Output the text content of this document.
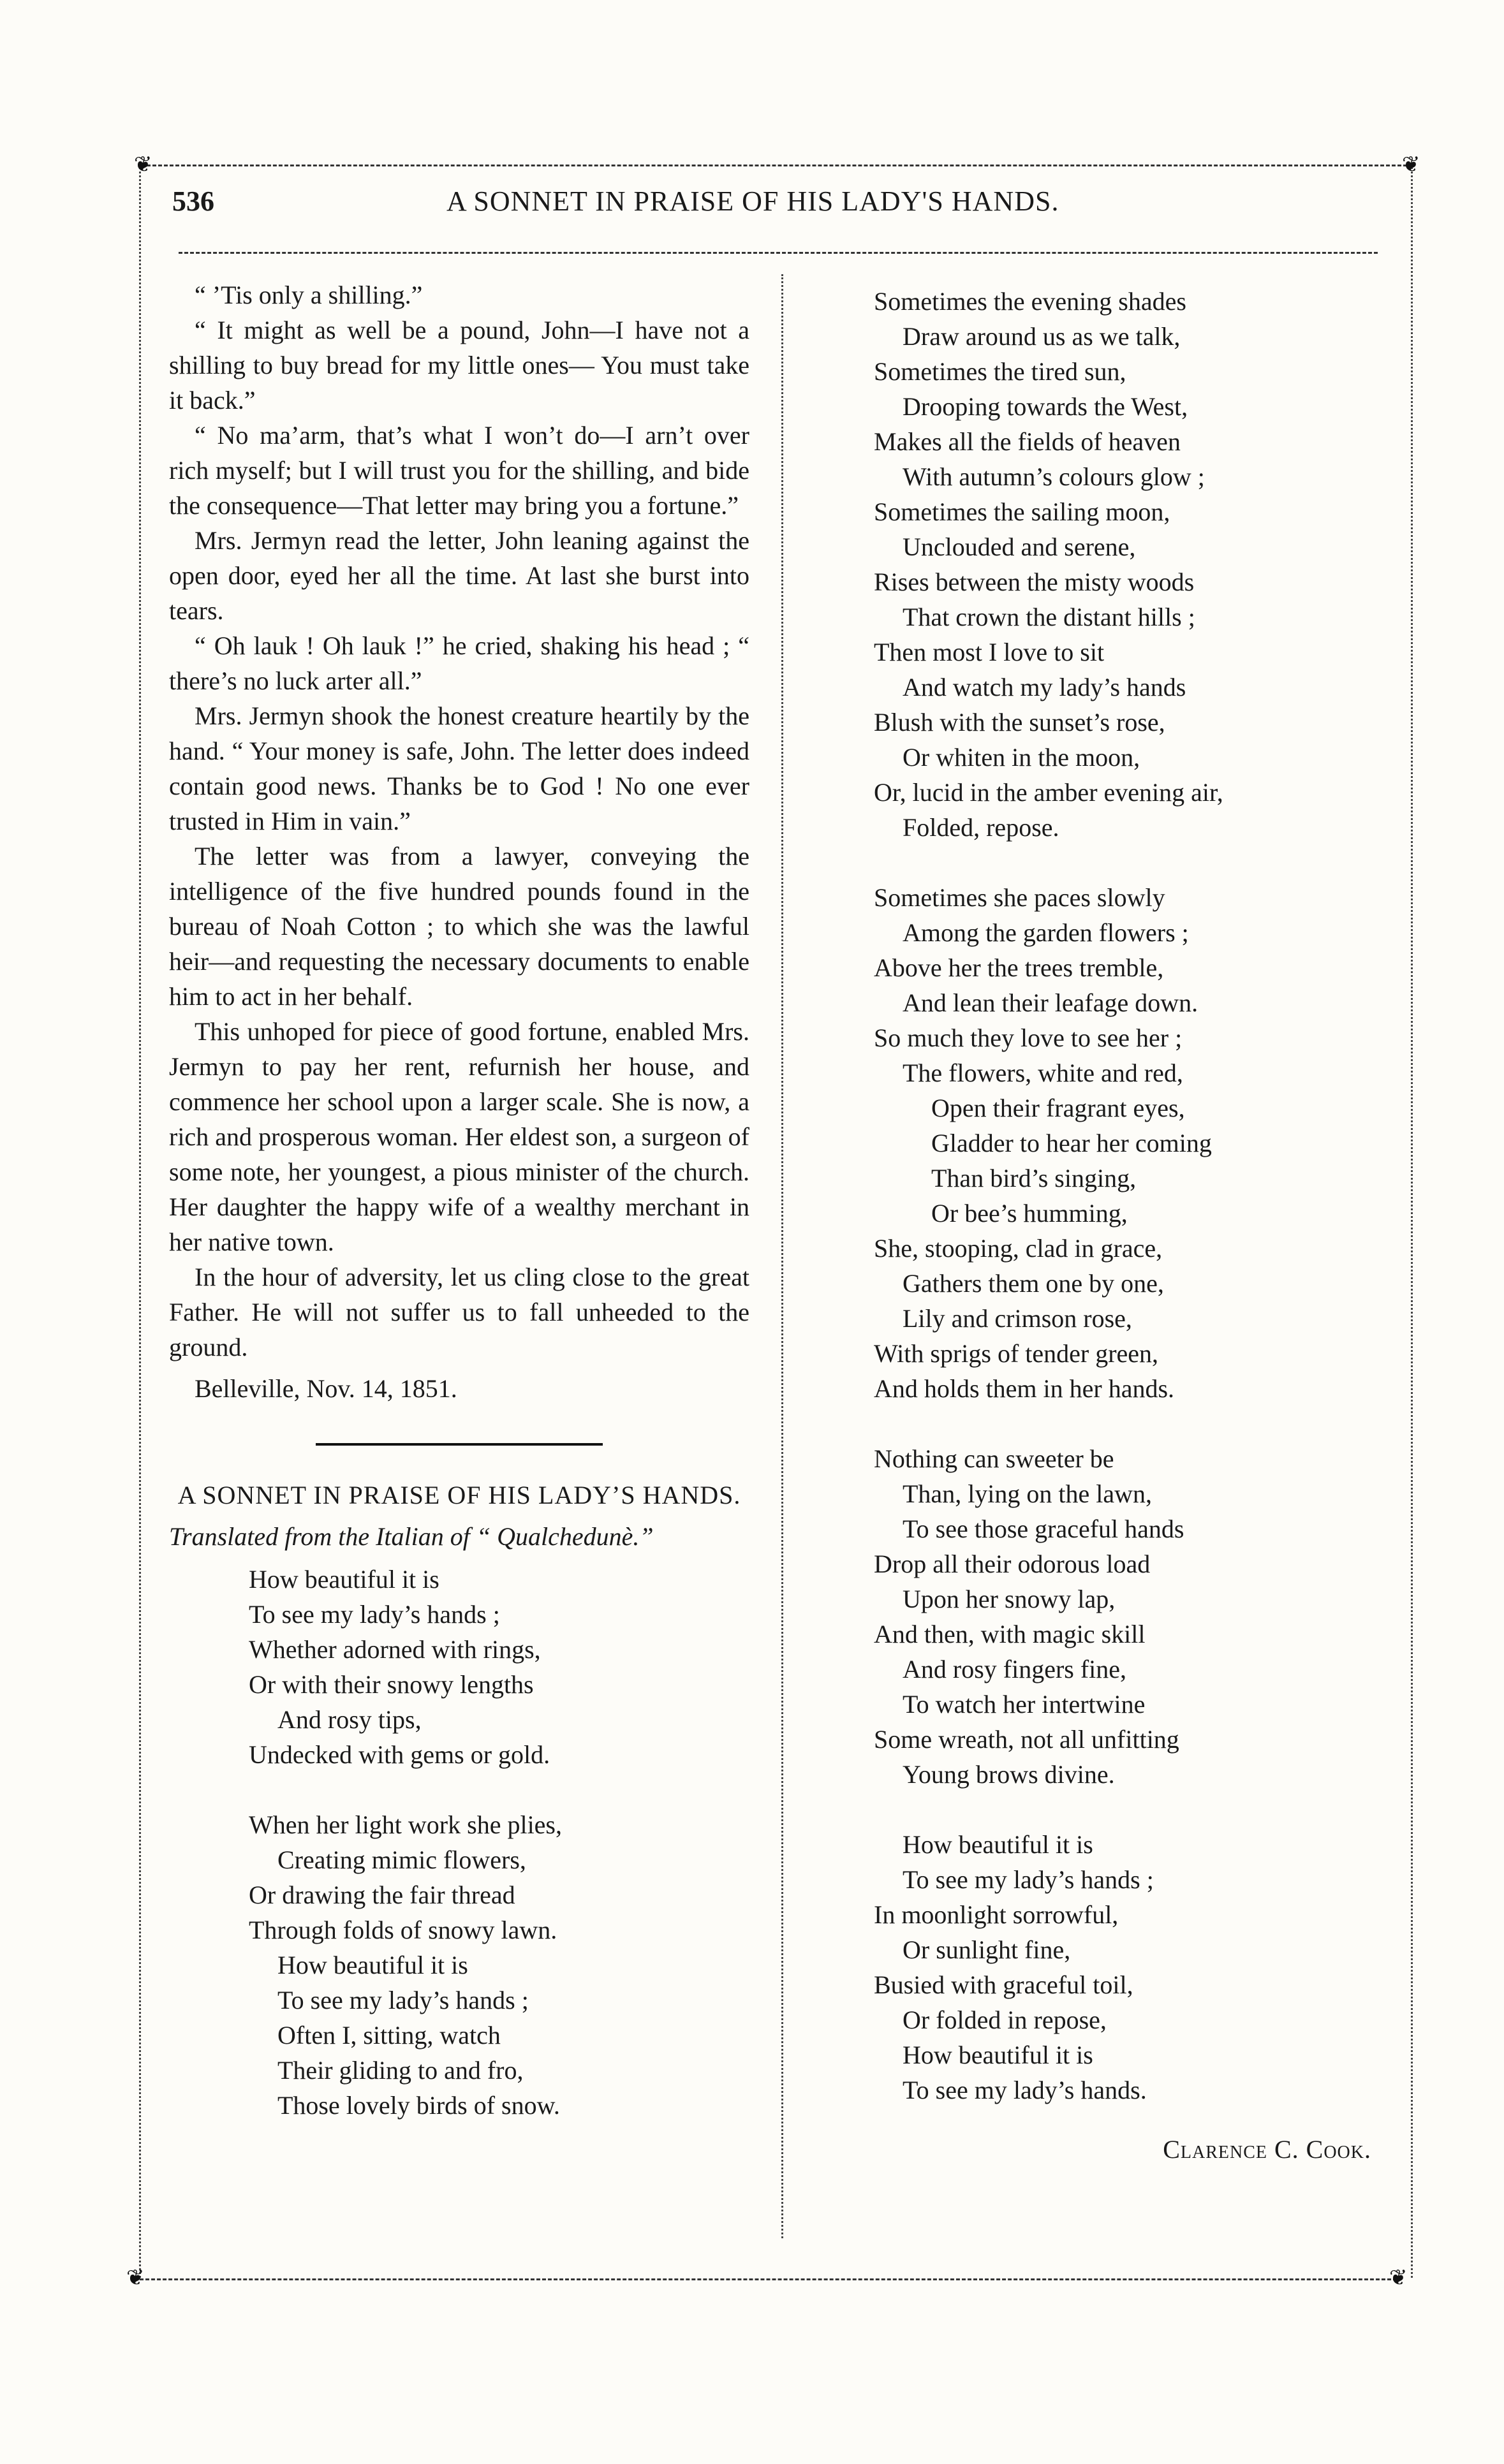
❦	❦
❦	❦
536	A SONNET IN PRAISE OF HIS LADY'S HANDS.

“ ’Tis only a shilling.”

“ It might as well be a pound, John—I have not a shilling to buy bread for my little ones— You must take it back.”

“ No ma’arm, that’s what I won’t do—I arn’t over rich myself; but I will trust you for the shilling, and bide the consequence—That letter may bring you a fortune.”

Mrs. Jermyn read the letter, John leaning against the open door, eyed her all the time. At last she burst into tears.

“ Oh lauk ! Oh lauk !” he cried, shaking his head ; “ there’s no luck arter all.”

Mrs. Jermyn shook the honest creature heartily by the hand. “ Your money is safe, John. The letter does indeed contain good news. Thanks be to God ! No one ever trusted in Him in vain.”

The letter was from a lawyer, conveying the intelligence of the five hundred pounds found in the bureau of Noah Cotton ; to which she was the lawful heir—and requesting the necessary documents to enable him to act in her behalf.

This unhoped for piece of good fortune, enabled Mrs. Jermyn to pay her rent, refurnish her house, and commence her school upon a larger scale. She is now, a rich and prosperous woman. Her eldest son, a surgeon of some note, her youngest, a pious minister of the church. Her daughter the happy wife of a wealthy merchant in her native town.

In the hour of adversity, let us cling close to the great Father. He will not suffer us to fall unheeded to the ground.

Belleville, Nov. 14, 1851.
A SONNET IN PRAISE OF HIS LADY’S HANDS.
Translated from the Italian of “ Qualchedunè.”
How beautiful it is
To see my lady’s hands ;
Whether adorned with rings,
Or with their snowy lengths
And rosy tips,
Undecked with gems or gold.
When her light work she plies,
Creating mimic flowers,
Or drawing the fair thread
Through folds of snowy lawn.
How beautiful it is
To see my lady’s hands ;
Often I, sitting, watch
Their gliding to and fro,
Those lovely birds of snow.
Sometimes the evening shades
Draw around us as we talk,
Sometimes the tired sun,
Drooping towards the West,
Makes all the fields of heaven
With autumn’s colours glow ;
Sometimes the sailing moon,
Unclouded and serene,
Rises between the misty woods
That crown the distant hills ;
Then most I love to sit
And watch my lady’s hands
Blush with the sunset’s rose,
Or whiten in the moon,
Or, lucid in the amber evening air,
Folded, repose.
Sometimes she paces slowly
Among the garden flowers ;
Above her the trees tremble,
And lean their leafage down.
So much they love to see her ;
The flowers, white and red,
Open their fragrant eyes,
Gladder to hear her coming
Than bird’s singing,
Or bee’s humming,
She, stooping, clad in grace,
Gathers them one by one,
Lily and crimson rose,
With sprigs of tender green,
And holds them in her hands.
Nothing can sweeter be
Than, lying on the lawn,
To see those graceful hands
Drop all their odorous load
Upon her snowy lap,
And then, with magic skill
And rosy fingers fine,
To watch her intertwine
Some wreath, not all unfitting
Young brows divine.
How beautiful it is
To see my lady’s hands ;
In moonlight sorrowful,
Or sunlight fine,
Busied with graceful toil,
Or folded in repose,
How beautiful it is
To see my lady’s hands.
Clarence C. Cook.
